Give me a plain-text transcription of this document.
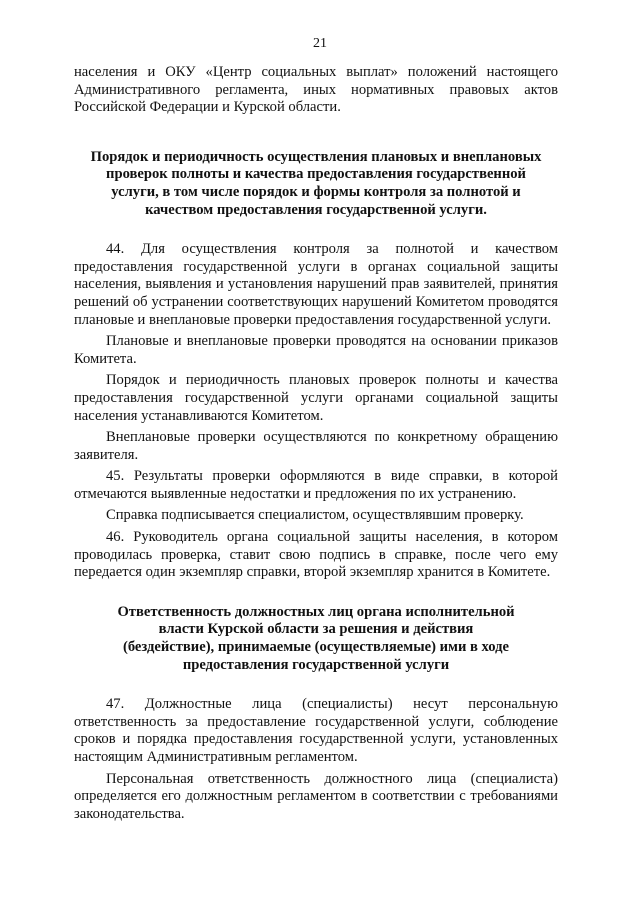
21

населения и ОКУ «Центр социальных выплат» положений настоящего Административного регламента, иных нормативных правовых актов Российской Федерации и Курской области.

Порядок и периодичность осуществления плановых и внеплановых проверок полноты и качества предоставления государственной услуги, в том числе порядок и формы контроля за полнотой и качеством предоставления государственной услуги.

44. Для осуществления контроля за полнотой и качеством предоставления государственной услуги в органах социальной защиты населения, выявления и установления нарушений прав заявителей, принятия решений об устранении соответствующих нарушений Комитетом проводятся плановые и внеплановые проверки предоставления государственной услуги.

Плановые и внеплановые проверки проводятся на основании приказов Комитета.

Порядок и периодичность плановых проверок полноты и качества предоставления государственной услуги органами социальной защиты населения устанавливаются Комитетом.

Внеплановые проверки осуществляются по конкретному обращению заявителя.

45. Результаты проверки оформляются в виде справки, в которой отмечаются выявленные недостатки и предложения по их устранению.

Справка подписывается специалистом, осуществлявшим проверку.

46. Руководитель органа социальной защиты населения, в котором проводилась проверка, ставит свою подпись в справке, после чего ему передается один экземпляр справки, второй экземпляр хранится в Комитете.

Ответственность должностных лиц органа исполнительной власти Курской области за решения и действия (бездействие), принимаемые (осуществляемые) ими в ходе предоставления государственной услуги

47. Должностные лица (специалисты) несут персональную ответственность за предоставление государственной услуги, соблюдение сроков и порядка предоставления государственной услуги, установленных настоящим Административным регламентом.

Персональная ответственность должностного лица (специалиста) определяется его должностным регламентом в соответствии с требованиями законодательства.
